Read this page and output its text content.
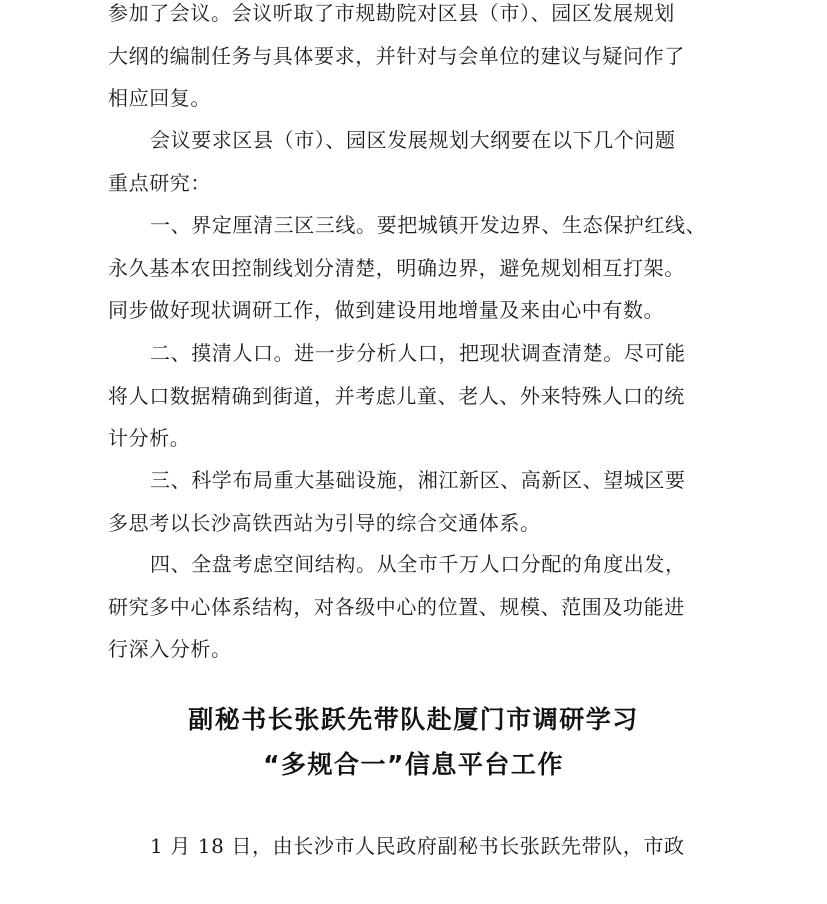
参加了会议。会议听取了市规勘院对区县（市）、园区发展规划
大纲的编制任务与具体要求，并针对与会单位的建议与疑问作了
相应回复。
会议要求区县（市）、园区发展规划大纲要在以下几个问题
重点研究：
一、界定厘清三区三线。要把城镇开发边界、生态保护红线、
永久基本农田控制线划分清楚，明确边界，避免规划相互打架。
同步做好现状调研工作，做到建设用地增量及来由心中有数。
二、摸清人口。进一步分析人口，把现状调查清楚。尽可能
将人口数据精确到街道，并考虑儿童、老人、外来特殊人口的统
计分析。
三、科学布局重大基础设施，湘江新区、高新区、望城区要
多思考以长沙高铁西站为引导的综合交通体系。
四、全盘考虑空间结构。从全市千万人口分配的角度出发，
研究多中心体系结构，对各级中心的位置、规模、范围及功能进
行深入分析。
副秘书长张跃先带队赴厦门市调研学习
“多规合一”信息平台工作

1 月 18 日，由长沙市人民政府副秘书长张跃先带队，市政
